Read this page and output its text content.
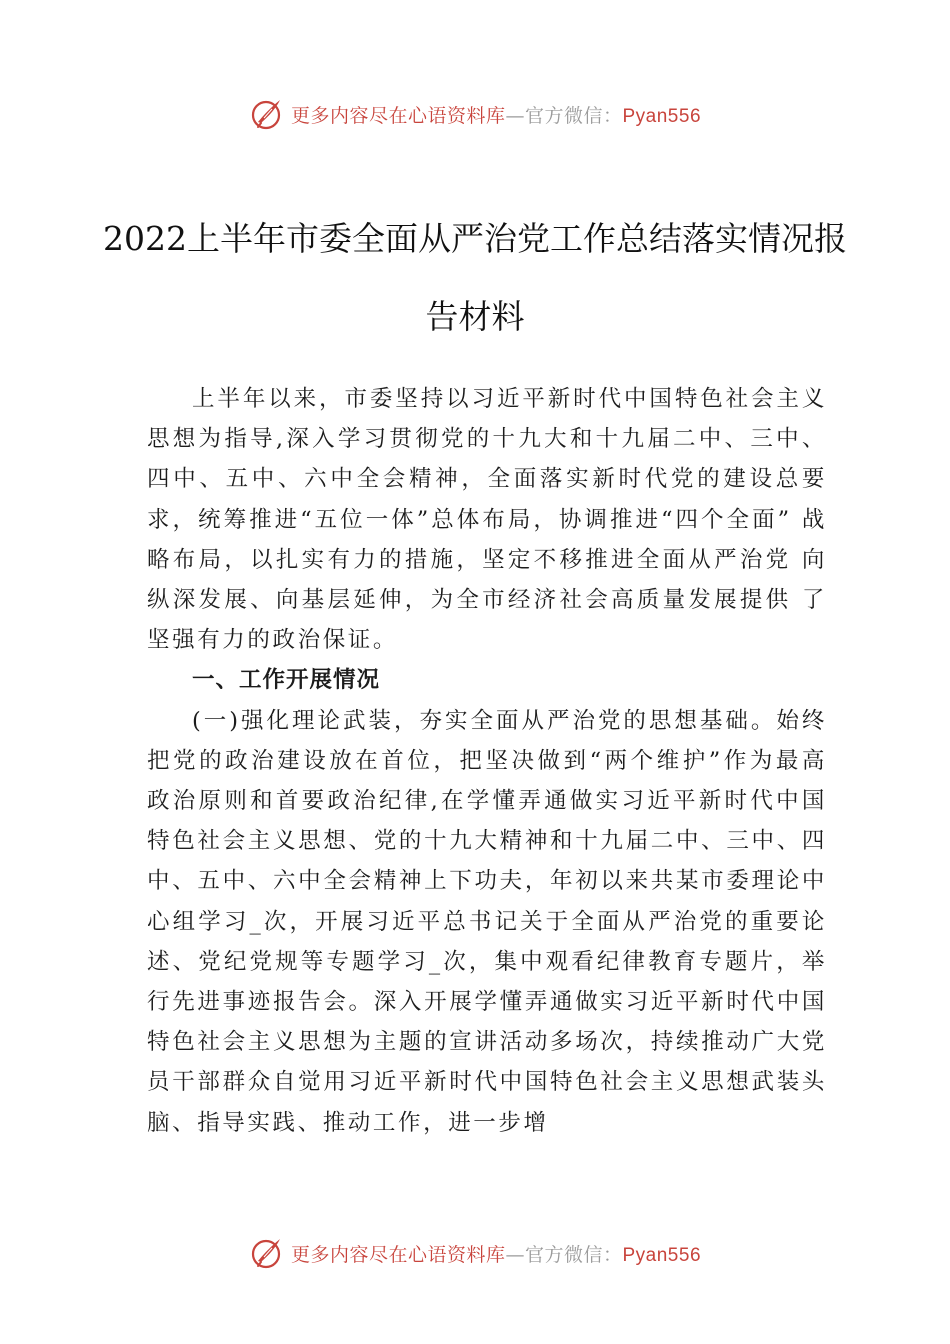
更多内容尽在心语资料库—官方微信：Pyan556
2022上半年市委全面从严治党工作总结落实情况报告材料

上半年以来，市委坚持以习近平新时代中国特色社会主义思想为指导,深入学习贯彻党的十九大和十九届二中、三中、四中、五中、六中全会精神，全面落实新时代党的建设总要求，统筹推进“五位一体”总体布局，协调推进“四个全面” 战略布局，以扎实有力的措施，坚定不移推进全面从严治党 向纵深发展、向基层延伸，为全市经济社会高质量发展提供 了坚强有力的政治保证。

一、工作开展情况

(一)强化理论武装，夯实全面从严治党的思想基础。始终把党的政治建设放在首位，把坚决做到“两个维护”作为最高政治原则和首要政治纪律,在学懂弄通做实习近平新时代中国特色社会主义思想、党的十九大精神和十九届二中、三中、四中、五中、六中全会精神上下功夫，年初以来共某市委理论中心组学习_次，开展习近平总书记关于全面从严治党的重要论述、党纪党规等专题学习_次，集中观看纪律教育专题片，举行先进事迹报告会。深入开展学懂弄通做实习近平新时代中国特色社会主义思想为主题的宣讲活动多场次，持续推动广大党员干部群众自觉用习近平新时代中国特色社会主义思想武装头脑、指导实践、推动工作，进一步增

更多内容尽在心语资料库—官方微信：Pyan556
